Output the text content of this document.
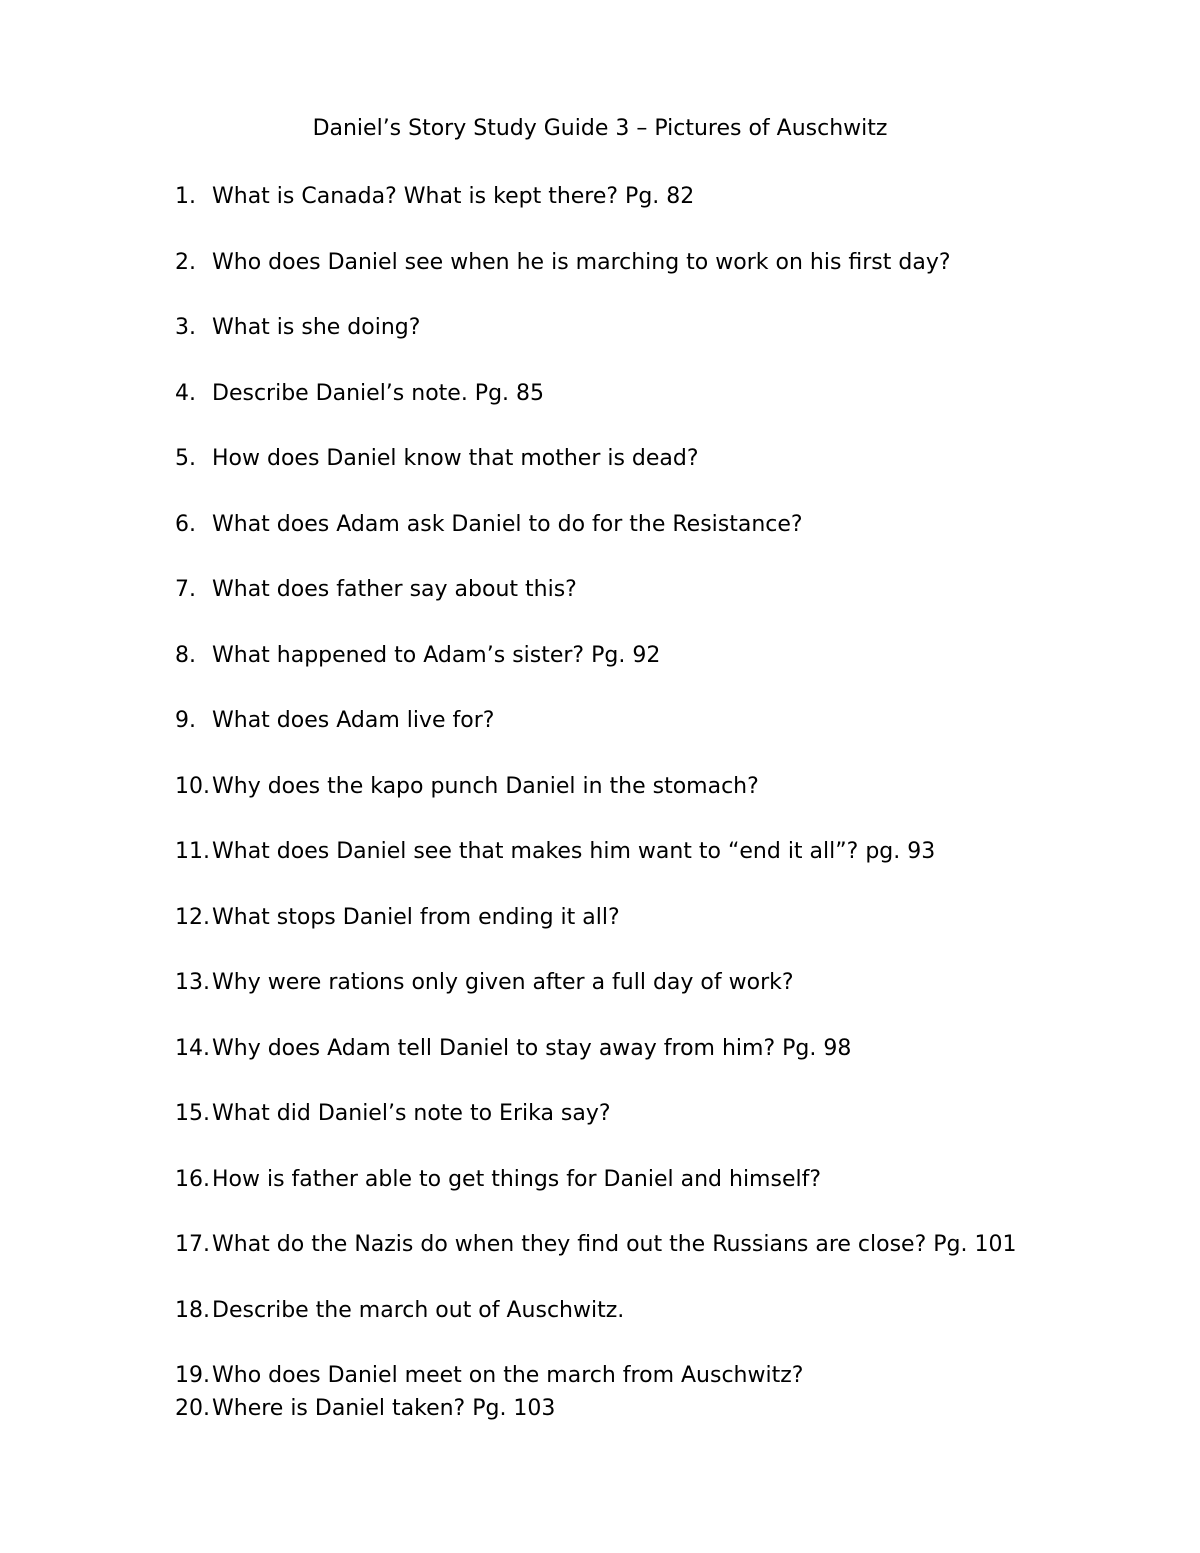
Daniel’s Story Study Guide 3 – Pictures of Auschwitz
1. What is Canada? What is kept there? Pg. 82
2. Who does Daniel see when he is marching to work on his first day?
3. What is she doing?
4. Describe Daniel’s note. Pg. 85
5. How does Daniel know that mother is dead?
6. What does Adam ask Daniel to do for the Resistance?
7. What does father say about this?
8. What happened to Adam’s sister? Pg. 92
9. What does Adam live for?
10. Why does the kapo punch Daniel in the stomach?
11. What does Daniel see that makes him want to “end it all”? pg. 93
12. What stops Daniel from ending it all?
13. Why were rations only given after a full day of work?
14. Why does Adam tell Daniel to stay away from him? Pg. 98
15. What did Daniel’s note to Erika say?
16. How is father able to get things for Daniel and himself?
17. What do the Nazis do when they find out the Russians are close? Pg. 101
18. Describe the march out of Auschwitz.
19. Who does Daniel meet on the march from Auschwitz?
20. Where is Daniel taken? Pg. 103
